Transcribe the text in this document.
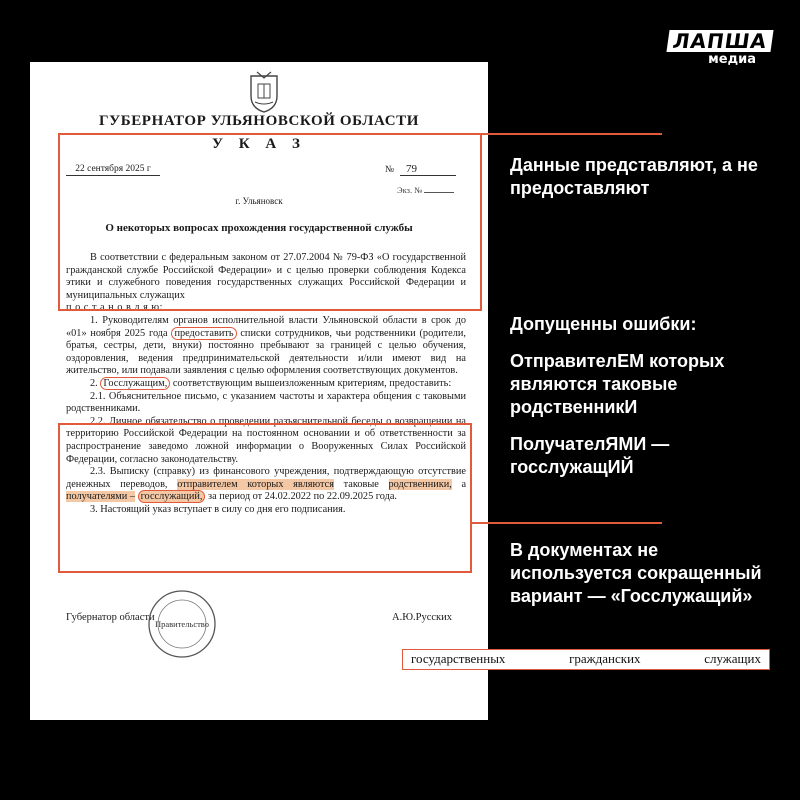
ЛАПША
медиа
ГУБЕРНАТОР УЛЬЯНОВСКОЙ ОБЛАСТИ
У К А З
22 сентября 2025 г	№	79
Экз. №
г. Ульяновск
О некоторых вопросах прохождения государственной службы

В соответствии с федеральным законом от 27.07.2004 № 79-ФЗ «О государственной гражданской службе Российской Федерации» и с целью проверки соблюдения Кодекса этики и служебного поведения государственных служащих Российской Федерации и муниципальных служащих

п о с т а н о в л я ю:

1. Руководителям органов исполнительной власти Ульяновской области в срок до «01» ноября 2025 года предоставить списки сотрудников, чьи родственники (родители, братья, сестры, дети, внуки) постоянно пребывают за границей с целью обучения, оздоровления, ведения предпринимательской деятельности и/или имеют вид на жительство, или подавали заявления с целью оформления соответствующих документов.

2. Госслужащим, соответствующим вышеизложенным критериям, предоставить:

2.1. Объяснительное письмо, с указанием частоты и характера общения с таковыми родственниками.

2.2. Личное обязательство о проведении разъяснительной беседы о возвращении на территорию Российской Федерации на постоянном основании и об ответственности за распространение заведомо ложной информации о Вооруженных Силах Российской Федерации, согласно законодательству.

2.3. Выписку (справку) из финансового учреждения, подтверждающую отсутствие денежных переводов, отправителем которых являются таковые родственники, а получателями – госслужащий, за период от 24.02.2022 по 22.09.2025 года.

3. Настоящий указ вступает в силу со дня его подписания.

Губернатор области
Правительство
А.Ю.Русских
Данные представляют, а не предоставляют
Допущенны ошибки:
ОтправителЕМ которых являются таковые родственникИ
ПолучателЯМИ — госслужащИЙ
В документах не используется сокращенный вариант — «Госслужащий»
государственных	гражданских	служащих
